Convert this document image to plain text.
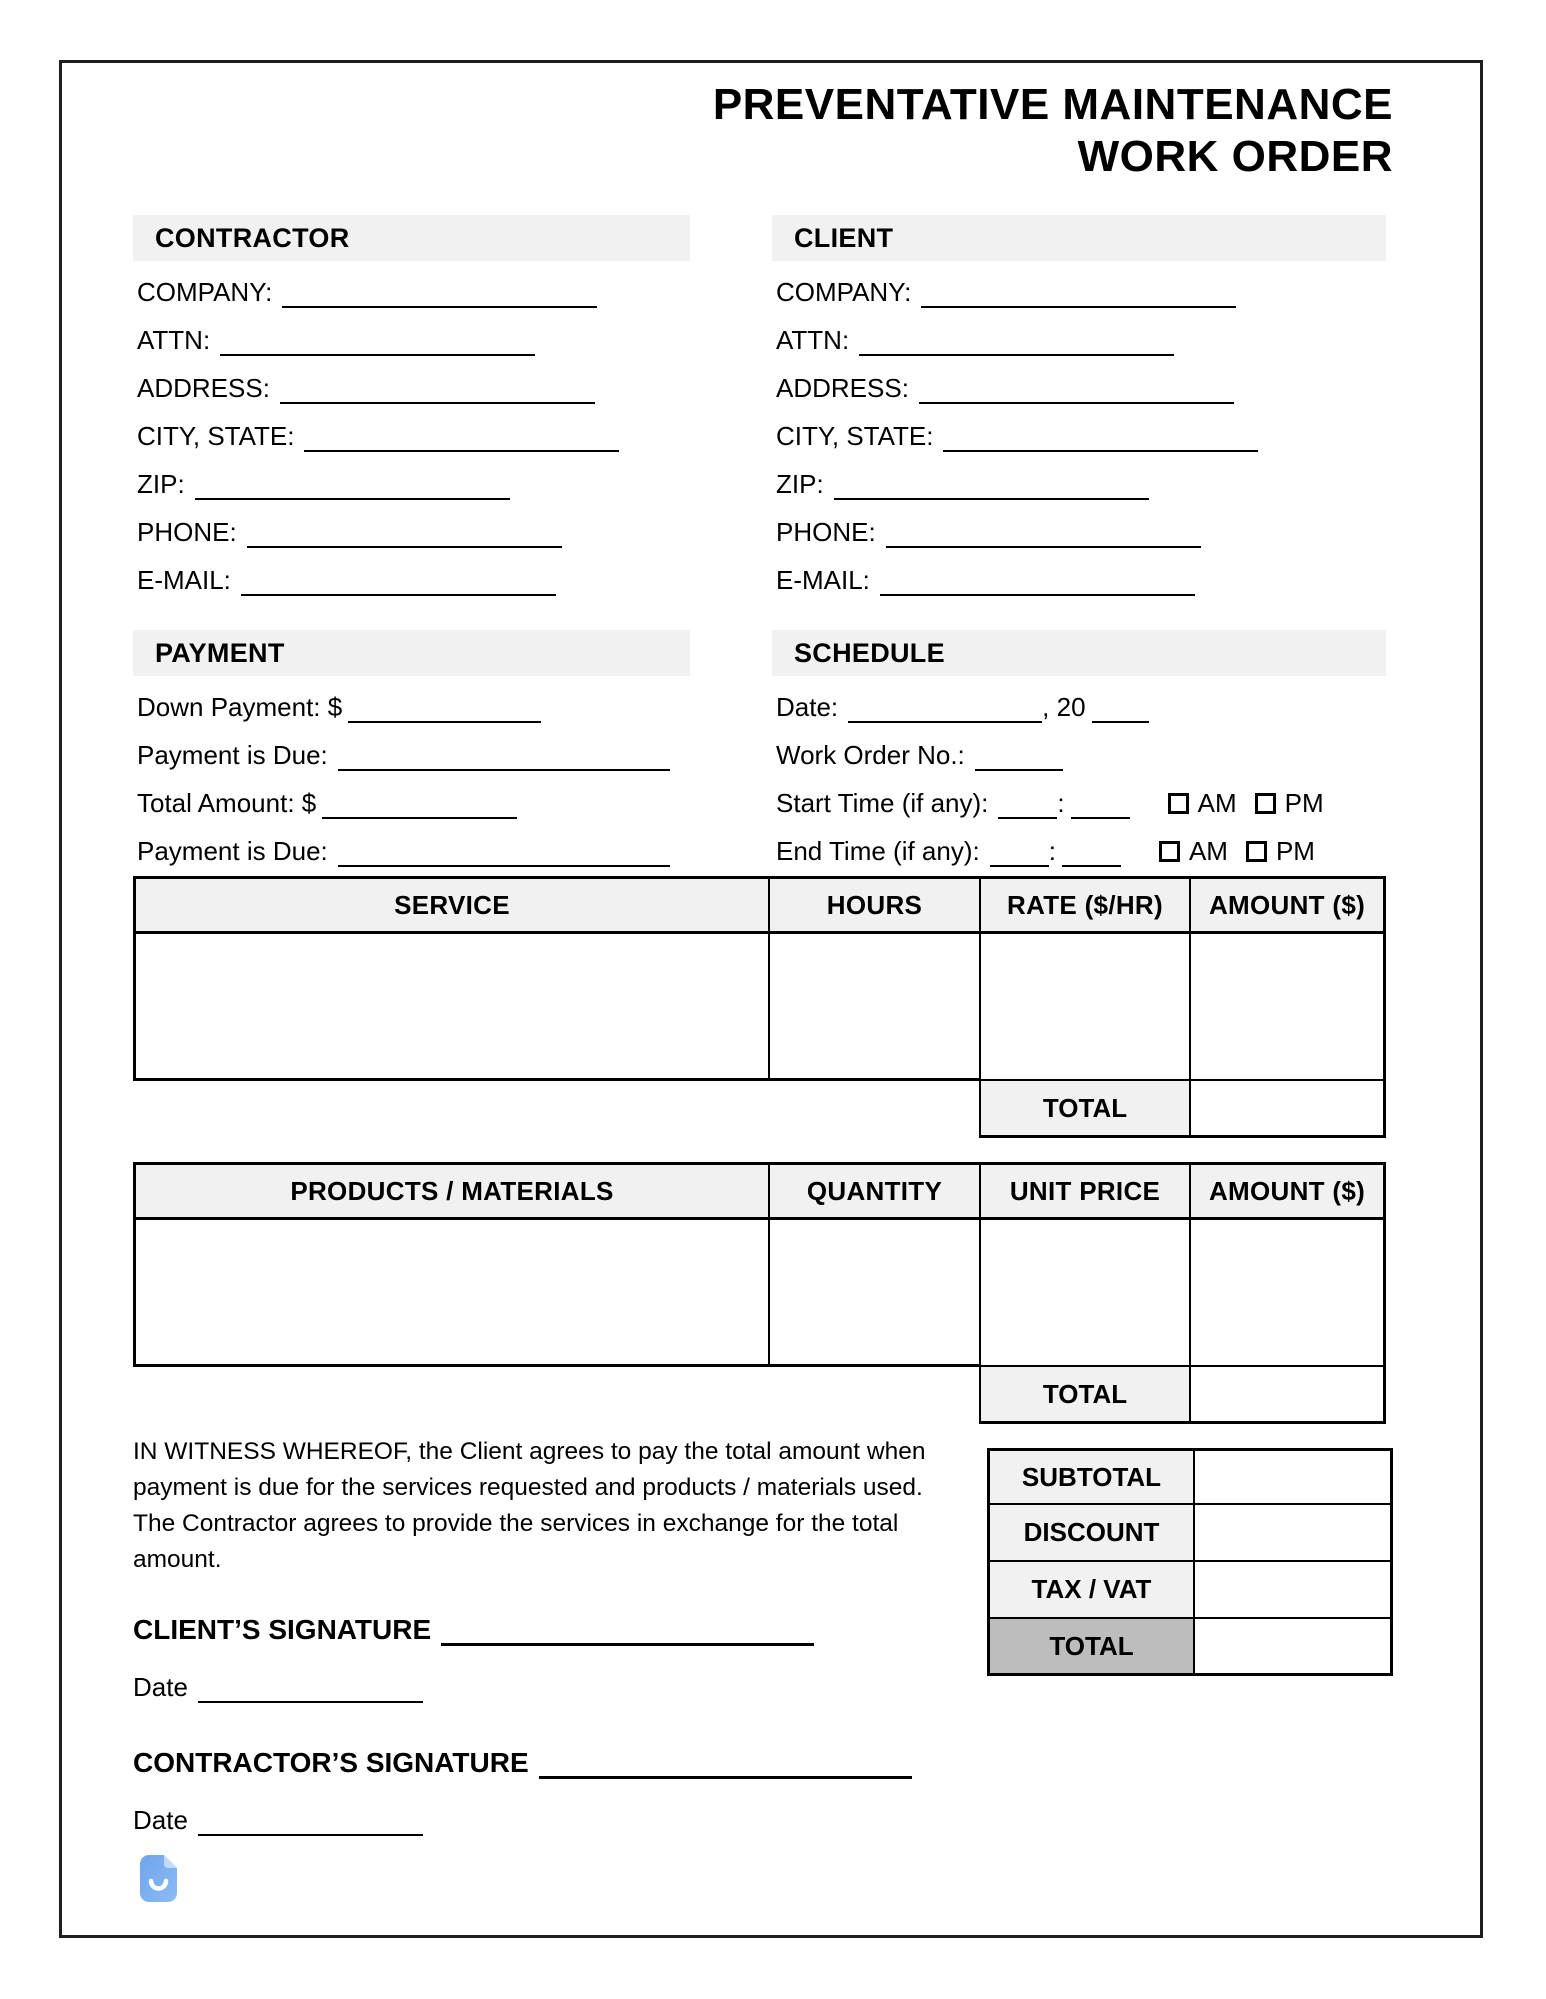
PREVENTATIVE MAINTENANCE
WORK ORDER
CONTRACTOR
COMPANY:
ATTN:
ADDRESS:
CITY, STATE:
ZIP:
PHONE:
E-MAIL:
CLIENT
COMPANY:
ATTN:
ADDRESS:
CITY, STATE:
ZIP:
PHONE:
E-MAIL:
PAYMENT
Down Payment: $
Payment is Due:
Total Amount: $
Payment is Due:
SCHEDULE
Date:	, 20
Work Order No.:
Start Time (if any):	:	AM PM
End Time (if any):	:	AM PM
SERVICE	HOURS	RATE ($/HR)	AMOUNT ($)
TOTAL
PRODUCTS / MATERIALS	QUANTITY	UNIT PRICE	AMOUNT ($)
TOTAL
IN WITNESS WHEREOF, the Client agrees to pay the total amount when payment is due for the services requested and products / materials used. The Contractor agrees to provide the services in exchange for the total amount.
CLIENT’S SIGNATURE
Date
CONTRACTOR’S SIGNATURE
Date
SUBTOTAL
DISCOUNT
TAX / VAT
TOTAL
